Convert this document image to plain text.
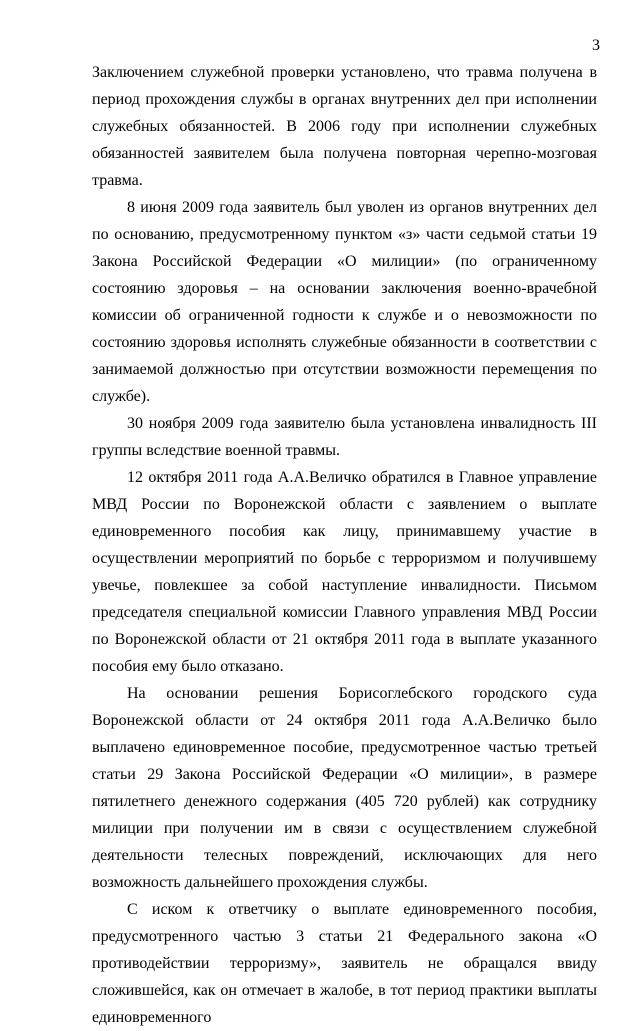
3

Заключением служебной проверки установлено, что травма получена в период прохождения службы в органах внутренних дел при исполнении служебных обязанностей. В 2006 году при исполнении служебных обязанностей заявителем была получена повторная черепно-мозговая травма.

8 июня 2009 года заявитель был уволен из органов внутренних дел по основанию, предусмотренному пунктом «з» части седьмой статьи 19 Закона Российской Федерации «О милиции» (по ограниченному состоянию здоровья – на основании заключения военно-врачебной комиссии об ограниченной годности к службе и о невозможности по состоянию здоровья исполнять служебные обязанности в соответствии с занимаемой должностью при отсутствии возможности перемещения по службе).

30 ноября 2009 года заявителю была установлена инвалидность III группы вследствие военной травмы.

12 октября 2011 года А.А.Величко обратился в Главное управление МВД России по Воронежской области с заявлением о выплате единовременного пособия как лицу, принимавшему участие в осуществлении мероприятий по борьбе с терроризмом и получившему увечье, повлекшее за собой наступление инвалидности. Письмом председателя специальной комиссии Главного управления МВД России по Воронежской области от 21 октября 2011 года в выплате указанного пособия ему было отказано.

На основании решения Борисоглебского городского суда Воронежской области от 24 октября 2011 года А.А.Величко было выплачено единовременное пособие, предусмотренное частью третьей статьи 29 Закона Российской Федерации «О милиции», в размере пятилетнего денежного содержания (405 720 рублей) как сотруднику милиции при получении им в связи с осуществлением служебной деятельности телесных повреждений, исключающих для него возможность дальнейшего прохождения службы.

С иском к ответчику о выплате единовременного пособия, предусмотренного частью 3 статьи 21 Федерального закона «О противодействии терроризму», заявитель не обращался ввиду сложившейся, как он отмечает в жалобе, в тот период практики выплаты единовременного
